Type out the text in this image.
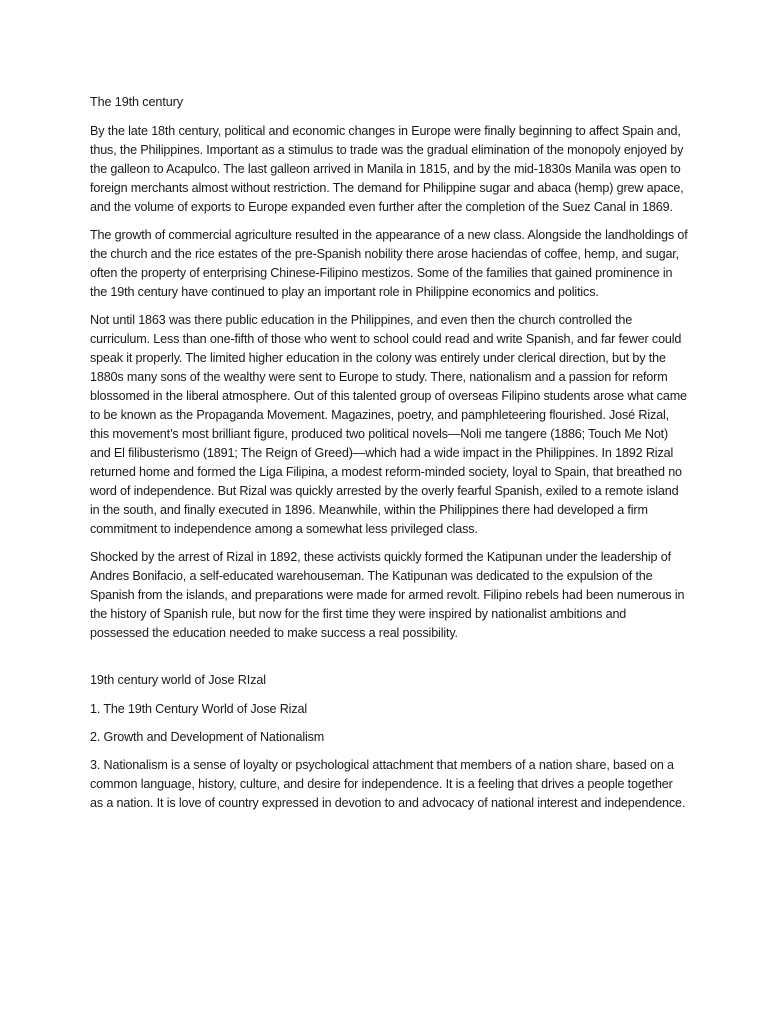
The 19th century

By the late 18th century, political and economic changes in Europe were finally beginning to affect Spain and, thus, the Philippines. Important as a stimulus to trade was the gradual elimination of the monopoly enjoyed by the galleon to Acapulco. The last galleon arrived in Manila in 1815, and by the mid-1830s Manila was open to foreign merchants almost without restriction. The demand for Philippine sugar and abaca (hemp) grew apace, and the volume of exports to Europe expanded even further after the completion of the Suez Canal in 1869.

The growth of commercial agriculture resulted in the appearance of a new class. Alongside the landholdings of the church and the rice estates of the pre-Spanish nobility there arose haciendas of coffee, hemp, and sugar, often the property of enterprising Chinese-Filipino mestizos. Some of the families that gained prominence in the 19th century have continued to play an important role in Philippine economics and politics.

Not until 1863 was there public education in the Philippines, and even then the church controlled the curriculum. Less than one-fifth of those who went to school could read and write Spanish, and far fewer could speak it properly. The limited higher education in the colony was entirely under clerical direction, but by the 1880s many sons of the wealthy were sent to Europe to study. There, nationalism and a passion for reform blossomed in the liberal atmosphere. Out of this talented group of overseas Filipino students arose what came to be known as the Propaganda Movement. Magazines, poetry, and pamphleteering flourished. José Rizal, this movement’s most brilliant figure, produced two political novels—Noli me tangere (1886; Touch Me Not) and El filibusterismo (1891; The Reign of Greed)—which had a wide impact in the Philippines. In 1892 Rizal returned home and formed the Liga Filipina, a modest reform-minded society, loyal to Spain, that breathed no word of independence. But Rizal was quickly arrested by the overly fearful Spanish, exiled to a remote island in the south, and finally executed in 1896. Meanwhile, within the Philippines there had developed a firm commitment to independence among a somewhat less privileged class.

Shocked by the arrest of Rizal in 1892, these activists quickly formed the Katipunan under the leadership of Andres Bonifacio, a self-educated warehouseman. The Katipunan was dedicated to the expulsion of the Spanish from the islands, and preparations were made for armed revolt. Filipino rebels had been numerous in the history of Spanish rule, but now for the first time they were inspired by nationalist ambitions and possessed the education needed to make success a real possibility.

19th century world of Jose RIzal

1. The 19th Century World of Jose Rizal

2. Growth and Development of Nationalism

3. Nationalism is a sense of loyalty or psychological attachment that members of a nation share, based on a common language, history, culture, and desire for independence. It is a feeling that drives a people together as a nation. It is love of country expressed in devotion to and advocacy of national interest and independence.
